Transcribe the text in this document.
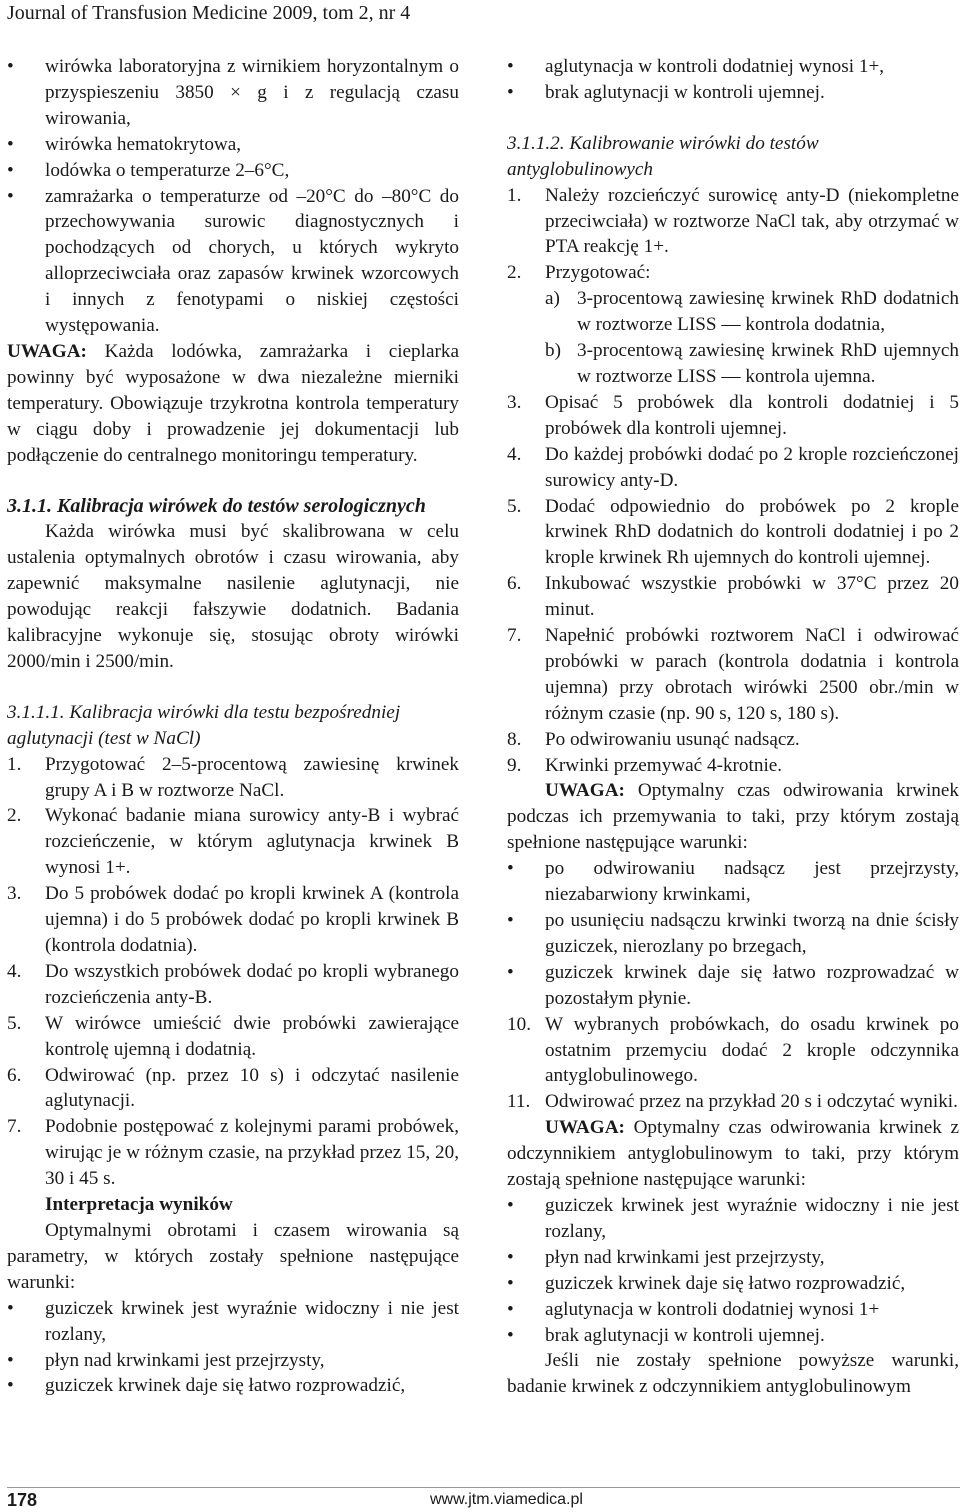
Journal of Transfusion Medicine 2009, tom 2, nr 4
• wirówka laboratoryjna z wirnikiem horyzontalnym o przyspieszeniu 3850 × g i z regulacją czasu wirowania,
• wirówka hematokrytowa,
• lodówka o temperaturze 2–6°C,
• zamrażarka o temperaturze od –20°C do –80°C do przechowywania surowic diagnostycznych i pochodzących od chorych, u których wykryto alloprzeciwciała oraz zapasów krwinek wzorcowych i innych z fenotypami o niskiej częstości występowania.

UWAGA: Każda lodówka, zamrażarka i cieplarka powinny być wyposażone w dwa niezależne mierniki temperatury. Obowiązuje trzykrotna kontrola temperatury w ciągu doby i prowadzenie jej dokumentacji lub podłączenie do centralnego monitoringu temperatury.

3.1.1. Kalibracja wirówek do testów serologicznych

Każda wirówka musi być skalibrowana w celu ustalenia optymalnych obrotów i czasu wirowania, aby zapewnić maksymalne nasilenie aglutynacji, nie powodując reakcji fałszywie dodatnich. Badania kalibracyjne wykonuje się, stosując obroty wirówki 2000/min i 2500/min.

3.1.1.1. Kalibracja wirówki dla testu bezpośredniej aglutynacji (test w NaCl)

1. Przygotować 2–5-procentową zawiesinę krwinek grupy A i B w roztworze NaCl.
2. Wykonać badanie miana surowicy anty-B i wybrać rozcieńczenie, w którym aglutynacja krwinek B wynosi 1+.
3. Do 5 probówek dodać po kropli krwinek A (kontrola ujemna) i do 5 probówek dodać po kropli krwinek B (kontrola dodatnia).
4. Do wszystkich probówek dodać po kropli wybranego rozcieńczenia anty-B.
5. W wirówce umieścić dwie probówki zawierające kontrolę ujemną i dodatnią.
6. Odwirować (np. przez 10 s) i odczytać nasilenie aglutynacji.
7. Podobnie postępować z kolejnymi parami probówek, wirując je w różnym czasie, na przykład przez 15, 20, 30 i 45 s.

Interpretacja wyników

Optymalnymi obrotami i czasem wirowania są parametry, w których zostały spełnione następujące warunki:

• guziczek krwinek jest wyraźnie widoczny i nie jest rozlany,
• płyn nad krwinkami jest przejrzysty,
• guziczek krwinek daje się łatwo rozprowadzić,
• aglutynacja w kontroli dodatniej wynosi 1+,
• brak aglutynacji w kontroli ujemnej.

3.1.1.2. Kalibrowanie wirówki do testów antyglobulinowych

1. Należy rozcieńczyć surowicę anty-D (niekompletne przeciwciała) w roztworze NaCl tak, aby otrzymać w PTA reakcję 1+.
2. Przygotować:
a) 3-procentową zawiesinę krwinek RhD dodatnich w roztworze LISS — kontrola dodatnia,
b) 3-procentową zawiesinę krwinek RhD ujemnych w roztworze LISS — kontrola ujemna.
3. Opisać 5 probówek dla kontroli dodatniej i 5 probówek dla kontroli ujemnej.
4. Do każdej probówki dodać po 2 krople rozcieńczonej surowicy anty-D.
5. Dodać odpowiednio do probówek po 2 krople krwinek RhD dodatnich do kontroli dodatniej i po 2 krople krwinek Rh ujemnych do kontroli ujemnej.
6. Inkubować wszystkie probówki w 37°C przez 20 minut.
7. Napełnić probówki roztworem NaCl i odwirować probówki w parach (kontrola dodatnia i kontrola ujemna) przy obrotach wirówki 2500 obr./min w różnym czasie (np. 90 s, 120 s, 180 s).
8. Po odwirowaniu usunąć nadsącz.
9. Krwinki przemywać 4-krotnie.

UWAGA: Optymalny czas odwirowania krwinek podczas ich przemywania to taki, przy którym zostają spełnione następujące warunki:

• po odwirowaniu nadsącz jest przejrzysty, niezabarwiony krwinkami,
• po usunięciu nadsączu krwinki tworzą na dnie ścisły guziczek, nierozlany po brzegach,
• guziczek krwinek daje się łatwo rozprowadzać w pozostałym płynie.
10. W wybranych probówkach, do osadu krwinek po ostatnim przemyciu dodać 2 krople odczynnika antyglobulinowego.
11. Odwirować przez na przykład 20 s i odczytać wyniki.

UWAGA: Optymalny czas odwirowania krwinek z odczynnikiem antyglobulinowym to taki, przy którym zostają spełnione następujące warunki:

• guziczek krwinek jest wyraźnie widoczny i nie jest rozlany,
• płyn nad krwinkami jest przejrzysty,
• guziczek krwinek daje się łatwo rozprowadzić,
• aglutynacja w kontroli dodatniej wynosi 1+
• brak aglutynacji w kontroli ujemnej.

Jeśli nie zostały spełnione powyższe warunki, badanie krwinek z odczynnikiem antyglobulinowym

178	www.jtm.viamedica.pl
